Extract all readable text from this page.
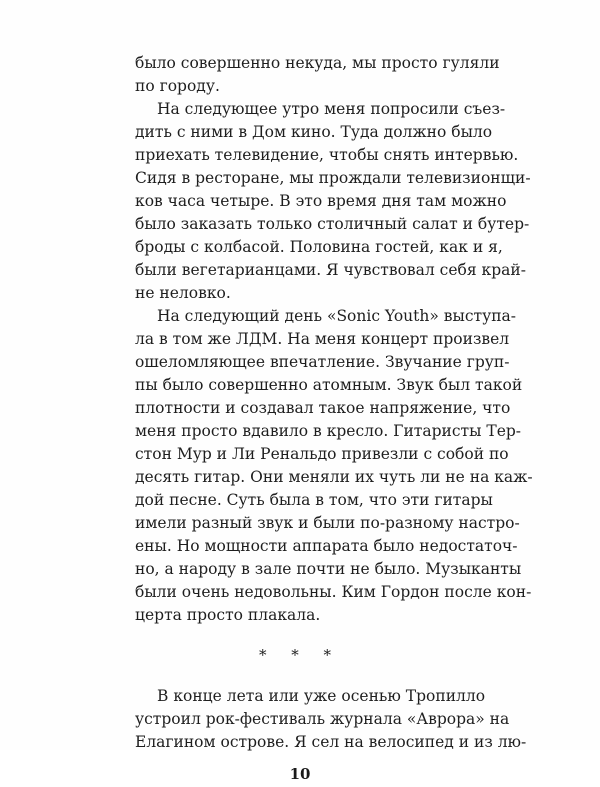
было совершенно некуда, мы просто гуляли

по городу.

На следующее утро меня попросили съез-

дить с ними в Дом кино. Туда должно было

приехать телевидение, чтобы снять интервью.

Сидя в ресторане, мы прождали телевизионщи-

ков часа четыре. В это время дня там можно

было заказать только столичный салат и бутер-

броды с колбасой. Половина гостей, как и я,

были вегетарианцами. Я чувствовал себя край-

не неловко.

На следующий день «Sonic Youth» выступа-

ла в том же ЛДМ. На меня концерт произвел

ошеломляющее впечатление. Звучание груп-

пы было совершенно атомным. Звук был такой

плотности и создавал такое напряжение, что

меня просто вдавило в кресло. Гитаристы Тер-

стон Мур и Ли Ренальдо привезли с собой по

десять гитар. Они меняли их чуть ли не на каж-

дой песне. Суть была в том, что эти гитары

имели разный звук и были по-разному настро-

ены. Но мощности аппарата было недостаточ-

но, а народу в зале почти не было. Музыканты

были очень недовольны. Ким Гордон после кон-

церта просто плакала.

* * *

В конце лета или уже осенью Тропилло

устроил рок-фестиваль журнала «Аврора» на

Елагином острове. Я сел на велосипед и из лю-

10
